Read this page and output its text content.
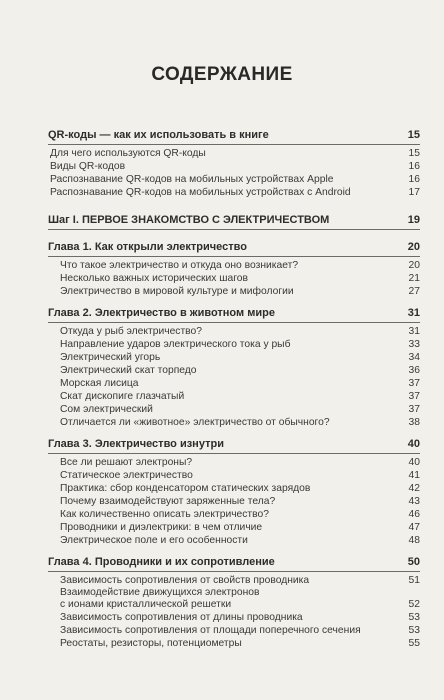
СОДЕРЖАНИЕ
QR-коды — как их использовать в книге	15
Для чего используются QR-коды	15
Виды QR-кодов	16
Распознавание QR-кодов на мобильных устройствах Apple	16
Распознавание QR-кодов на мобильных устройствах с Android	17
Шаг I. ПЕРВОЕ ЗНАКОМСТВО С ЭЛЕКТРИЧЕСТВОМ	19
Глава 1. Как открыли электричество	20
Что такое электричество и откуда оно возникает?	20
Несколько важных исторических шагов	21
Электричество в мировой культуре и мифологии	27
Глава 2. Электричество в животном мире	31
Откуда у рыб электричество?	31
Направление ударов электрического тока у рыб	33
Электрический угорь	34
Электрический скат торпедо	36
Морская лисица	37
Скат дископиге глазчатый	37
Сом электрический	37
Отличается ли «животное» электричество от обычного?	38
Глава 3. Электричество изнутри	40
Все ли решают электроны?	40
Статическое электричество	41
Практика: сбор конденсатором статических зарядов	42
Почему взаимодействуют заряженные тела?	43
Как количественно описать электричество?	46
Проводники и диэлектрики: в чем отличие	47
Электрическое поле и его особенности	48
Глава 4. Проводники и их сопротивление	50
Зависимость сопротивления от свойств проводника	51
Взаимодействие движущихся электронов
с ионами кристаллической решетки	52
Зависимость сопротивления от длины проводника	53
Зависимость сопротивления от площади поперечного сечения	53
Реостаты, резисторы, потенциометры	55
